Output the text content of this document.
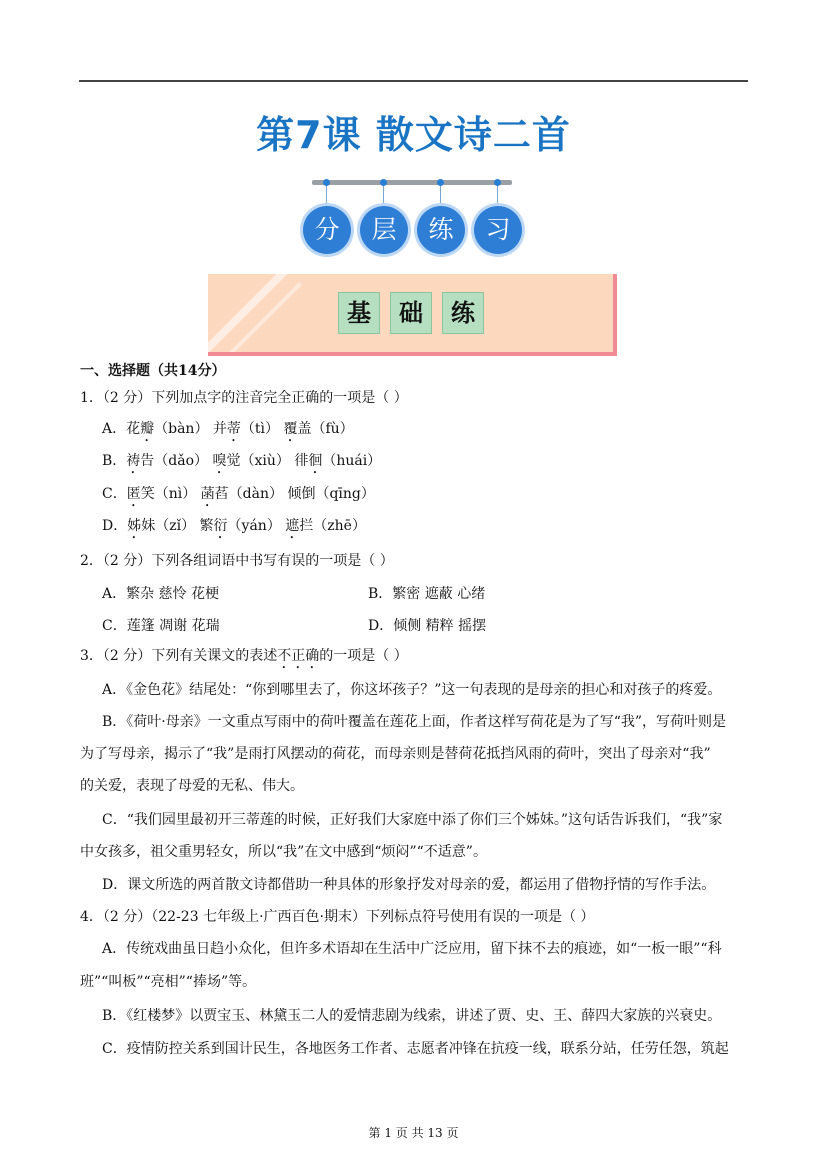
第7课 散文诗二首
分	层	练	习
基	础	练
一、选择题（共14分）
1．（2 分）下列加点字的注音完全正确的一项是（ ）
A．花瓣（bàn） 并蒂（tì） 覆盖（fù）
B．祷告（dǎo） 嗅觉（xiù） 徘徊（huái）
C．匿笑（nì） 菡萏（dàn） 倾倒（qīng）
D．姊妹（zǐ） 繁衍（yán） 遮拦（zhē）
2．（2 分）下列各组词语中书写有误的一项是（ ）
A．繁杂 慈怜 花梗	B．繁密 遮蔽 心绪
C．莲篷 凋谢 花瑞	D．倾侧 精粹 摇摆
3．（2 分）下列有关课文的表述不正确的一项是（ ）
A．《金色花》结尾处：“你到哪里去了，你这坏孩子？”这一句表现的是母亲的担心和对孩子的疼爱。
B．《荷叶·母亲》一文重点写雨中的荷叶覆盖在莲花上面，作者这样写荷花是为了写“我”，写荷叶则是
为了写母亲，揭示了“我”是雨打风摆动的荷花，而母亲则是替荷花抵挡风雨的荷叶，突出了母亲对“我”
的关爱，表现了母爱的无私、伟大。
C．“我们园里最初开三蒂莲的时候，正好我们大家庭中添了你们三个姊妹。”这句话告诉我们，“我”家
中女孩多，祖父重男轻女，所以“我”在文中感到“烦闷”“不适意”。
D．课文所选的两首散文诗都借助一种具体的形象抒发对母亲的爱，都运用了借物抒情的写作手法。
4．（2 分）（22-23 七年级上·广西百色·期末）下列标点符号使用有误的一项是（ ）
A．传统戏曲虽日趋小众化，但许多术语却在生活中广泛应用，留下抹不去的痕迹，如“一板一眼”“科
班”“叫板”“亮相”“捧场”等。
B．《红楼梦》以贾宝玉、林黛玉二人的爱情悲剧为线索，讲述了贾、史、王、薛四大家族的兴衰史。
C．疫情防控关系到国计民生，各地医务工作者、志愿者冲锋在抗疫一线，联系分站，任劳任怨，筑起
第 1 页 共 13 页
